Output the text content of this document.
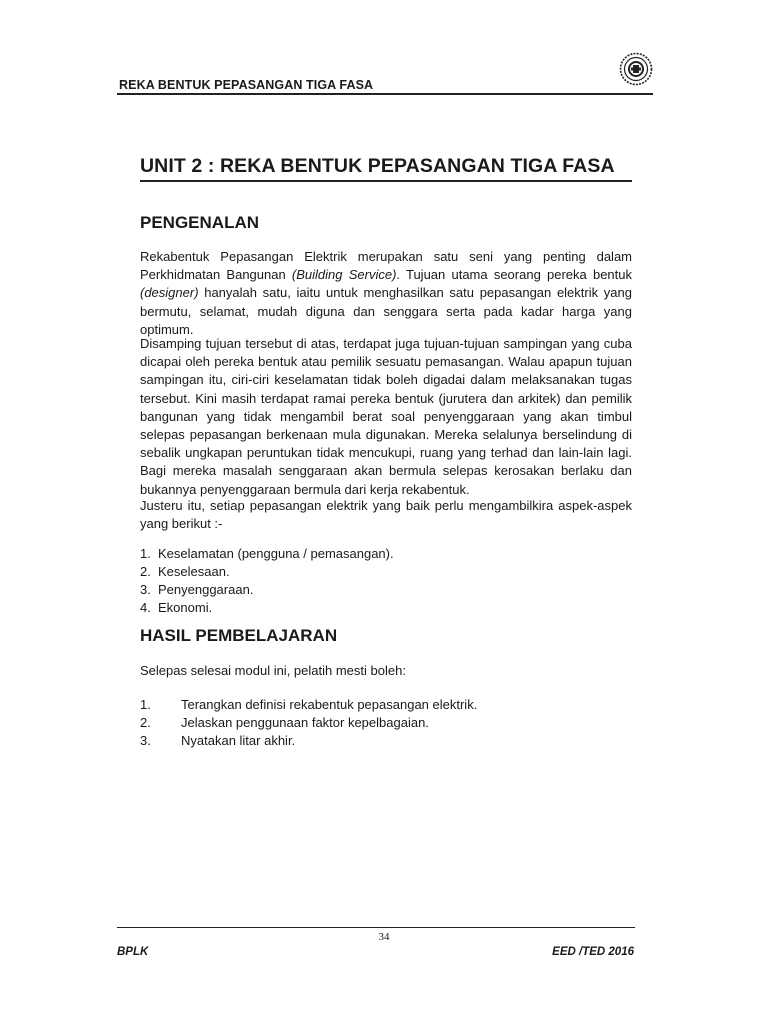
REKA BENTUK PEPASANGAN TIGA FASA
UNIT 2 : REKA BENTUK PEPASANGAN TIGA FASA
PENGENALAN
Rekabentuk Pepasangan Elektrik merupakan satu seni yang penting dalam Perkhidmatan Bangunan (Building Service). Tujuan utama seorang pereka bentuk (designer) hanyalah satu, iaitu untuk menghasilkan satu pepasangan elektrik yang bermutu, selamat, mudah diguna dan senggara serta pada kadar harga yang optimum.
Disamping tujuan tersebut di atas, terdapat juga tujuan-tujuan sampingan yang cuba dicapai oleh pereka bentuk atau pemilik sesuatu pemasangan. Walau apapun tujuan sampingan itu, ciri-ciri keselamatan tidak boleh digadai dalam melaksanakan tugas tersebut. Kini masih terdapat ramai pereka bentuk (jurutera dan arkitek) dan pemilik bangunan yang tidak mengambil berat soal penyenggaraan yang akan timbul selepas pepasangan berkenaan mula digunakan. Mereka selalunya berselindung di sebalik ungkapan peruntukan tidak mencukupi, ruang yang terhad dan lain-lain lagi. Bagi mereka masalah senggaraan akan bermula selepas kerosakan berlaku dan bukannya penyenggaraan bermula dari kerja rekabentuk.
Justeru itu, setiap pepasangan elektrik yang baik perlu mengambilkira aspek-aspek yang berikut :-
1. Keselamatan (pengguna / pemasangan).
2. Keselesaan.
3. Penyenggaraan.
4. Ekonomi.
HASIL PEMBELAJARAN
Selepas selesai modul ini, pelatih mesti boleh:
1.	Terangkan definisi rekabentuk pepasangan elektrik.
2.	Jelaskan penggunaan faktor kepelbagaian.
3.	Nyatakan litar akhir.
34
BPLK	EED /TED 2016
